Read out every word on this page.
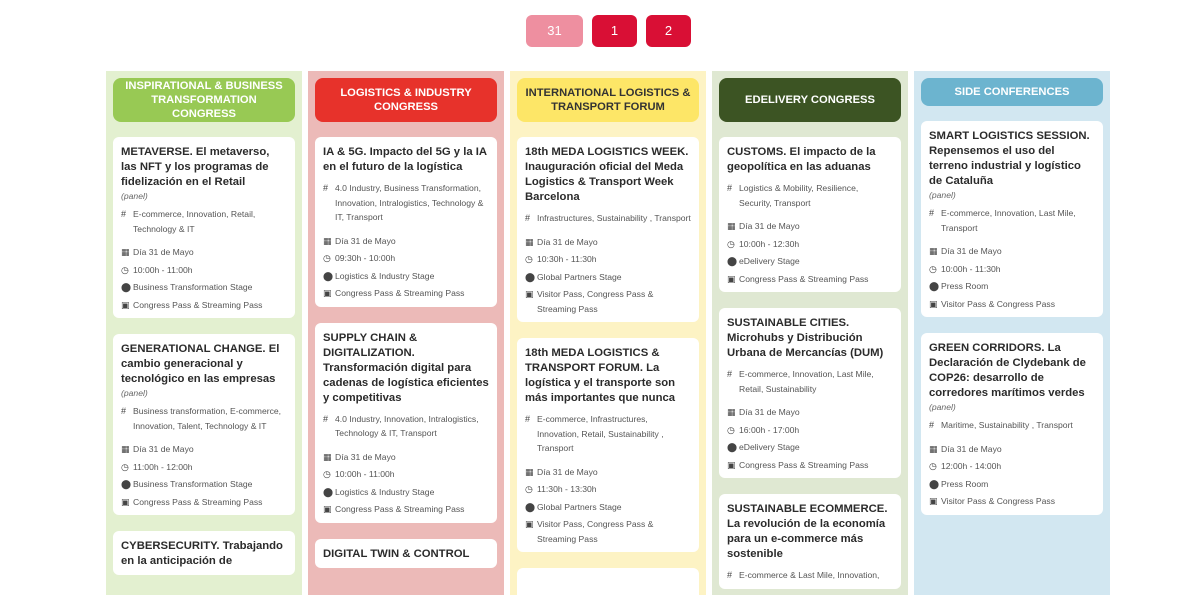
31 May
1 Jun
2 Jun
INSPIRATIONAL & BUSINESS TRANSFORMATION CONGRESS
METAVERSE. El metaverso, las NFT y los programas de fidelización en el Retail
(panel)
# E-commerce, Innovation, Retail, Technology & IT
▦ Día 31 de Mayo
◷ 10:00h - 11:00h
⬤ Business Transformation Stage
▣ Congress Pass & Streaming Pass
GENERATIONAL CHANGE. El cambio generacional y tecnológico en las empresas
(panel)
# Business transformation, E-commerce, Innovation, Talent, Technology & IT
▦ Día 31 de Mayo
◷ 11:00h - 12:00h
⬤ Business Transformation Stage
▣ Congress Pass & Streaming Pass
CYBERSECURITY. Trabajando en la anticipación de
LOGISTICS & INDUSTRY CONGRESS
IA & 5G. Impacto del 5G y la IA en el futuro de la logística
# 4.0 Industry, Business Transformation, Innovation, Intralogistics, Technology & IT, Transport
▦ Día 31 de Mayo
◷ 09:30h - 10:00h
⬤ Logistics & Industry Stage
▣ Congress Pass & Streaming Pass
SUPPLY CHAIN & DIGITALIZATION. Transformación digital para cadenas de logística eficientes y competitivas
# 4.0 Industry, Innovation, Intralogistics, Technology & IT, Transport
▦ Día 31 de Mayo
◷ 10:00h - 11:00h
⬤ Logistics & Industry Stage
▣ Congress Pass & Streaming Pass
DIGITAL TWIN & CONTROL
INTERNATIONAL LOGISTICS & TRANSPORT FORUM
18th MEDA LOGISTICS WEEK. Inauguración oficial del Meda Logistics & Transport Week Barcelona
# Infrastructures, Sustainability , Transport
▦ Día 31 de Mayo
◷ 10:30h - 11:30h
⬤ Global Partners Stage
▣ Visitor Pass, Congress Pass & Streaming Pass
18th MEDA LOGISTICS & TRANSPORT FORUM. La logística y el transporte son más importantes que nunca
# E-commerce, Infrastructures, Innovation, Retail, Sustainability , Transport
▦ Día 31 de Mayo
◷ 11:30h - 13:30h
⬤ Global Partners Stage
▣ Visitor Pass, Congress Pass & Streaming Pass
EDELIVERY CONGRESS
CUSTOMS. El impacto de la geopolítica en las aduanas
# Logistics & Mobility, Resilience, Security, Transport
▦ Día 31 de Mayo
◷ 10:00h - 12:30h
⬤ eDelivery Stage
▣ Congress Pass & Streaming Pass
SUSTAINABLE CITIES. Microhubs y Distribución Urbana de Mercancías (DUM)
# E-commerce, Innovation, Last Mile, Retail, Sustainability
▦ Día 31 de Mayo
◷ 16:00h - 17:00h
⬤ eDelivery Stage
▣ Congress Pass & Streaming Pass
SUSTAINABLE ECOMMERCE. La revolución de la economía para un e-commerce más sostenible
# E-commerce & Last Mile, Innovation,
SIDE CONFERENCES
SMART LOGISTICS SESSION. Repensemos el uso del terreno industrial y logístico de Cataluña
(panel)
# E-commerce, Innovation, Last Mile, Transport
▦ Día 31 de Mayo
◷ 10:00h - 11:30h
⬤ Press Room
▣ Visitor Pass & Congress Pass
GREEN CORRIDORS. La Declaración de Clydebank de COP26: desarrollo de corredores marítimos verdes
(panel)
# Maritime, Sustainability , Transport
▦ Día 31 de Mayo
◷ 12:00h - 14:00h
⬤ Press Room
▣ Visitor Pass & Congress Pass
